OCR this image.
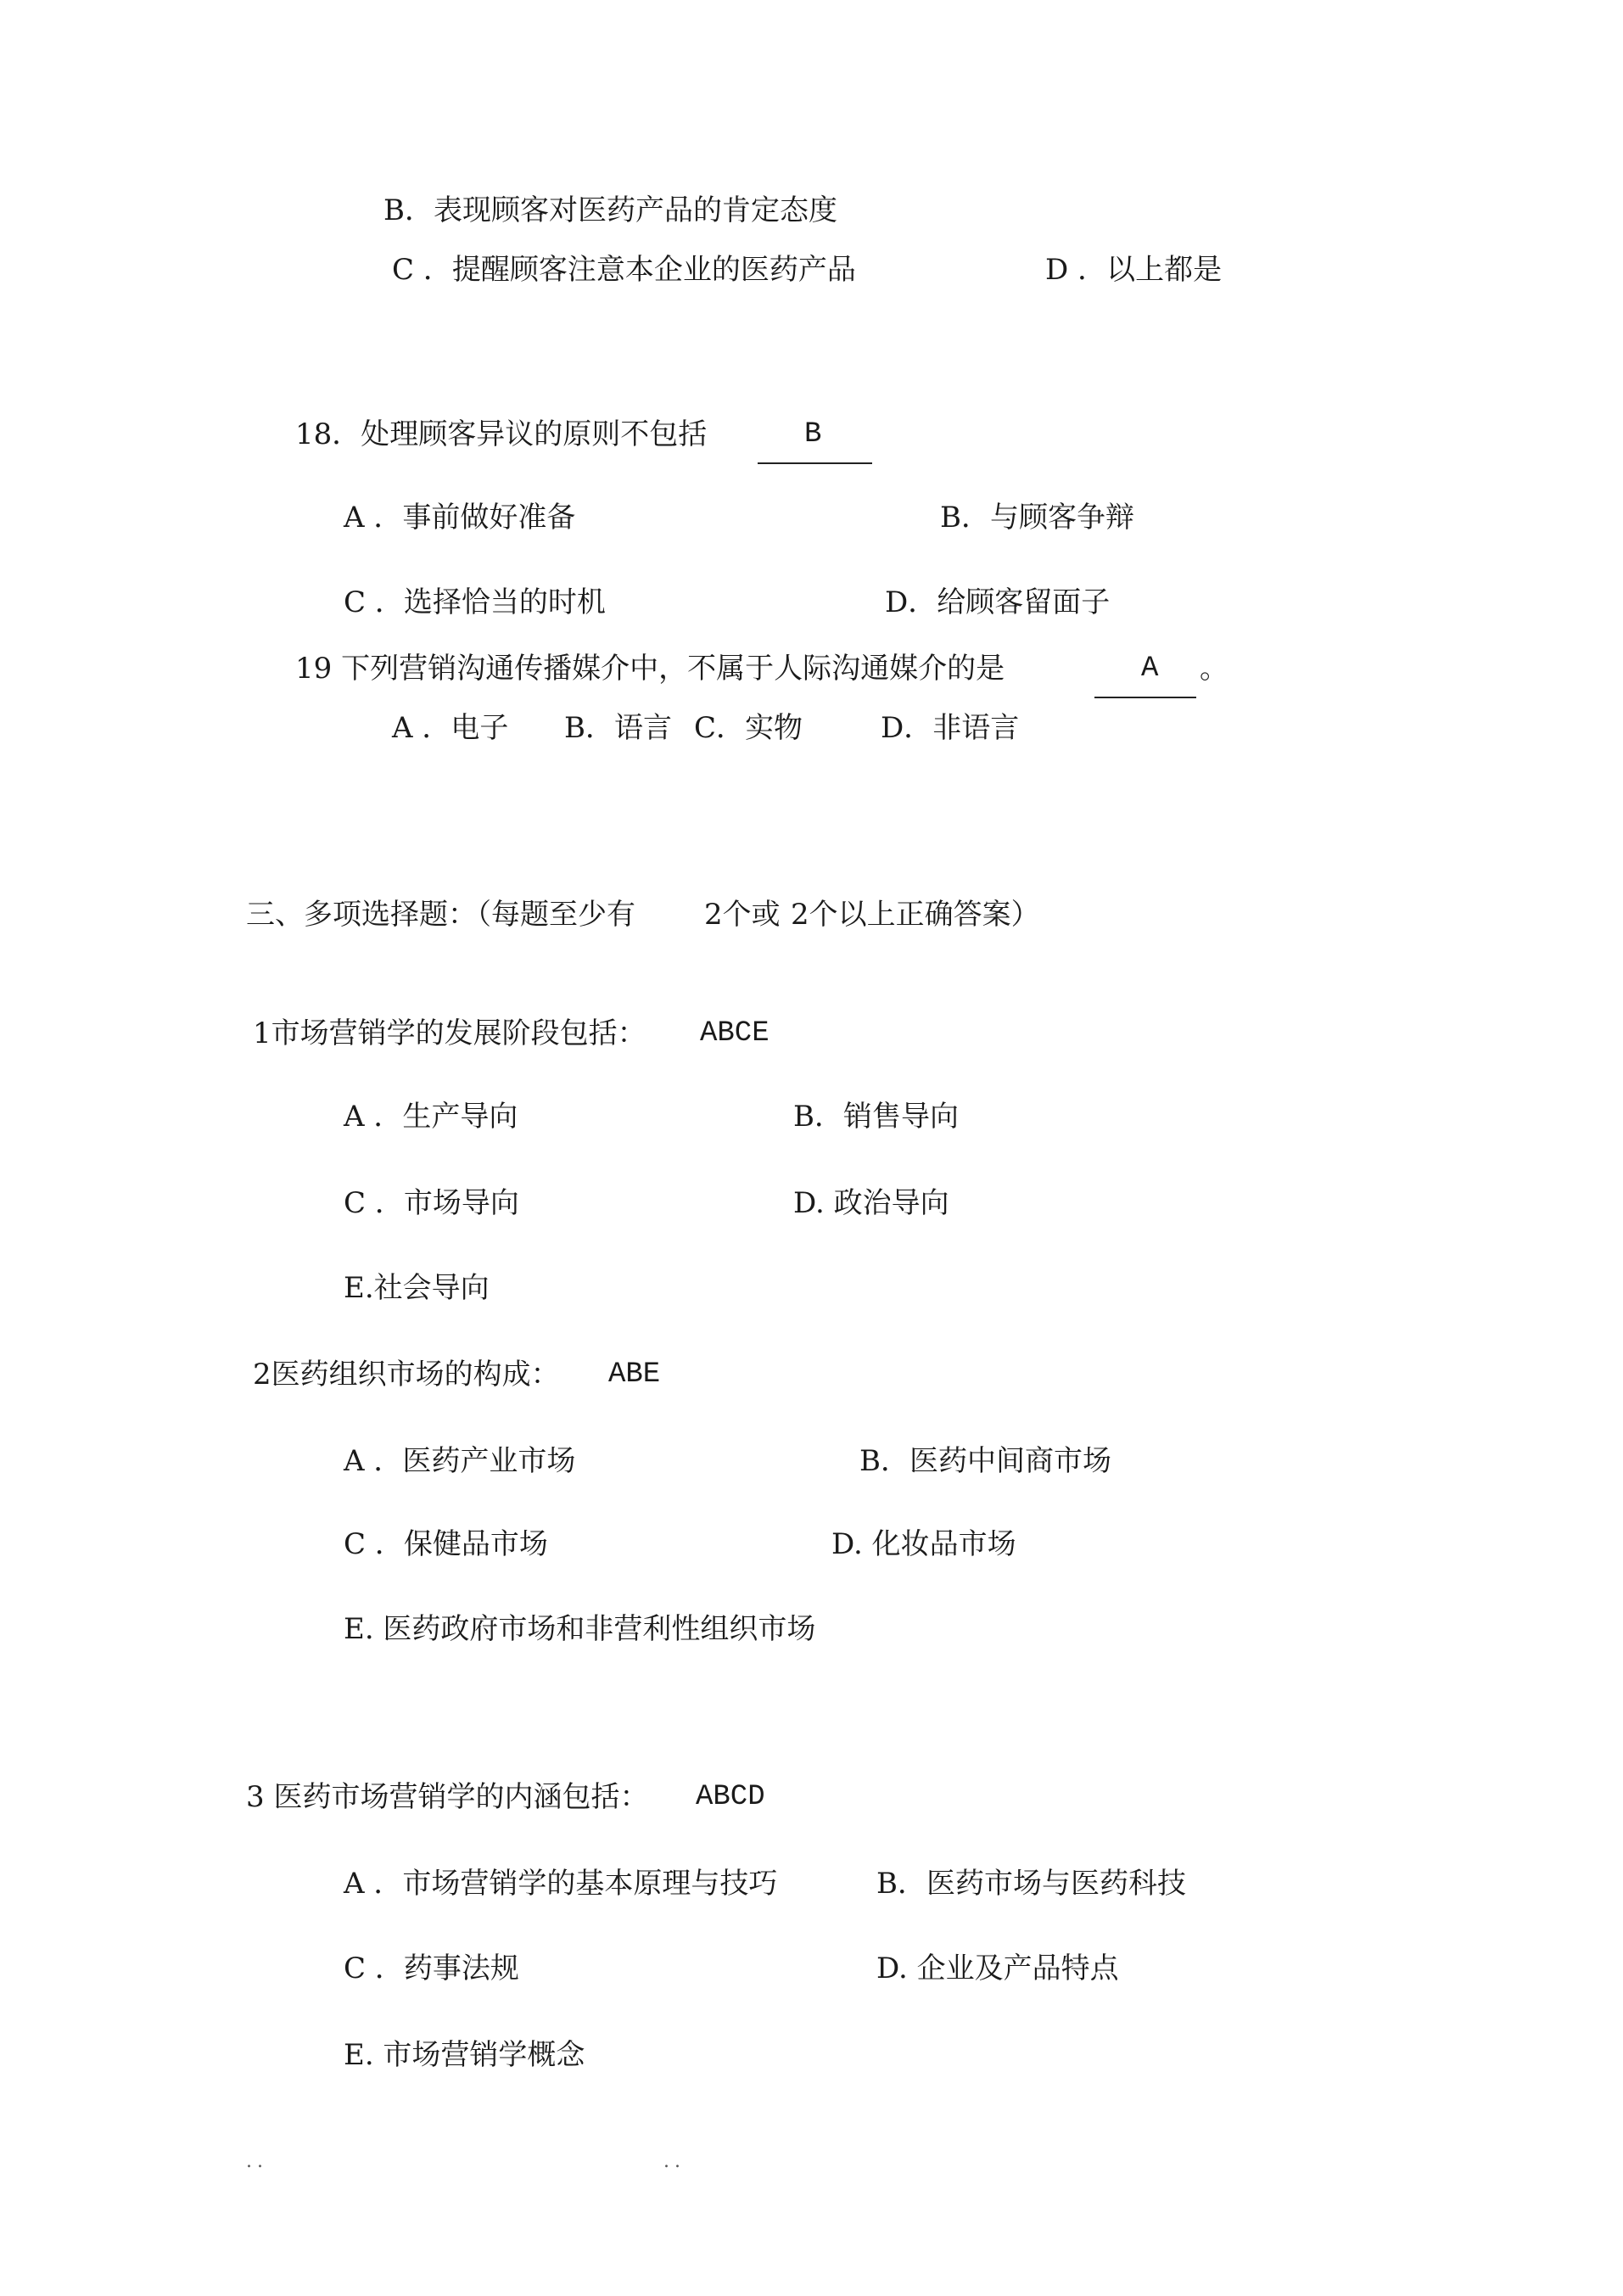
B．表现顾客对医药产品的肯定态度
C ．提醒顾客注意本企业的医药产品	D ．以上都是
18．处理顾客异议的原则不包括	B
A ．事前做好准备	B．与顾客争辩
C ．选择恰当的时机	D．给顾客留面子
19 下列营销沟通传播媒介中，不属于人际沟通媒介的是	A 。
A ．电子 B．语言 C．实物	D．非语言
三、多项选择题：（每题至少有 2个或 2个以上正确答案）
1市场营销学的发展阶段包括： ABCE
A ．生产导向	B．销售导向
C ．市场导向	D. 政治导向
E.社会导向
2医药组织市场的构成： ABE
A ．医药产业市场	B．医药中间商市场
C ．保健品市场	D. 化妆品市场
E. 医药政府市场和非营利性组织市场
3 医药市场营销学的内涵包括： ABCD
A ．市场营销学的基本原理与技巧	B．医药市场与医药科技
C ．药事法规	D. 企业及产品特点
E. 市场营销学概念
..	..
